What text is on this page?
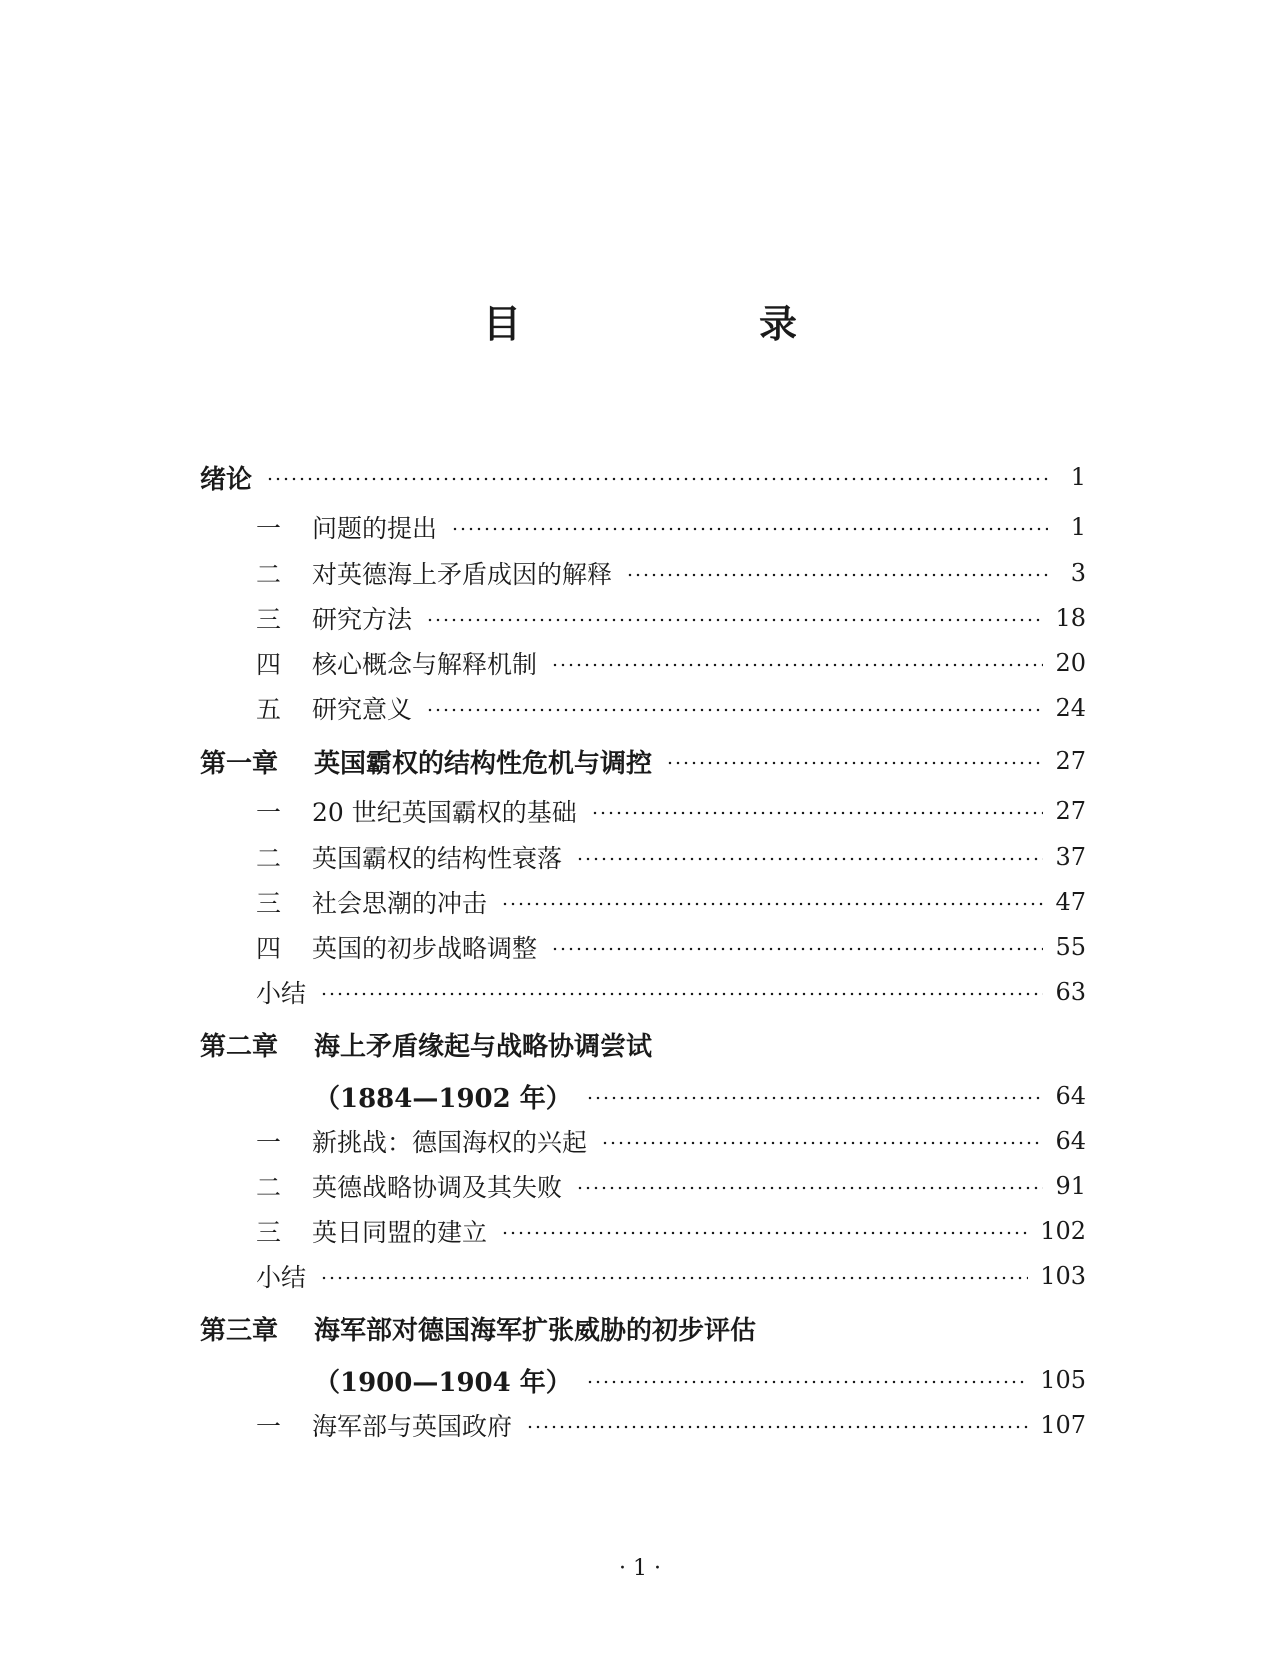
目　录
绪论	1
一	问题的提出	1
二	对英德海上矛盾成因的解释	3
三	研究方法	18
四	核心概念与解释机制	20
五	研究意义	24
第一章	英国霸权的结构性危机与调控	27
一	20 世纪英国霸权的基础	27
二	英国霸权的结构性衰落	37
三	社会思潮的冲击	47
四	英国的初步战略调整	55
小结	63
第二章	海上矛盾缘起与战略协调尝试
（1884—1902 年）	64
一	新挑战：德国海权的兴起	64
二	英德战略协调及其失败	91
三	英日同盟的建立	102
小结	103
第三章	海军部对德国海军扩张威胁的初步评估
（1900—1904 年）	105
一	海军部与英国政府	107
· 1 ·
